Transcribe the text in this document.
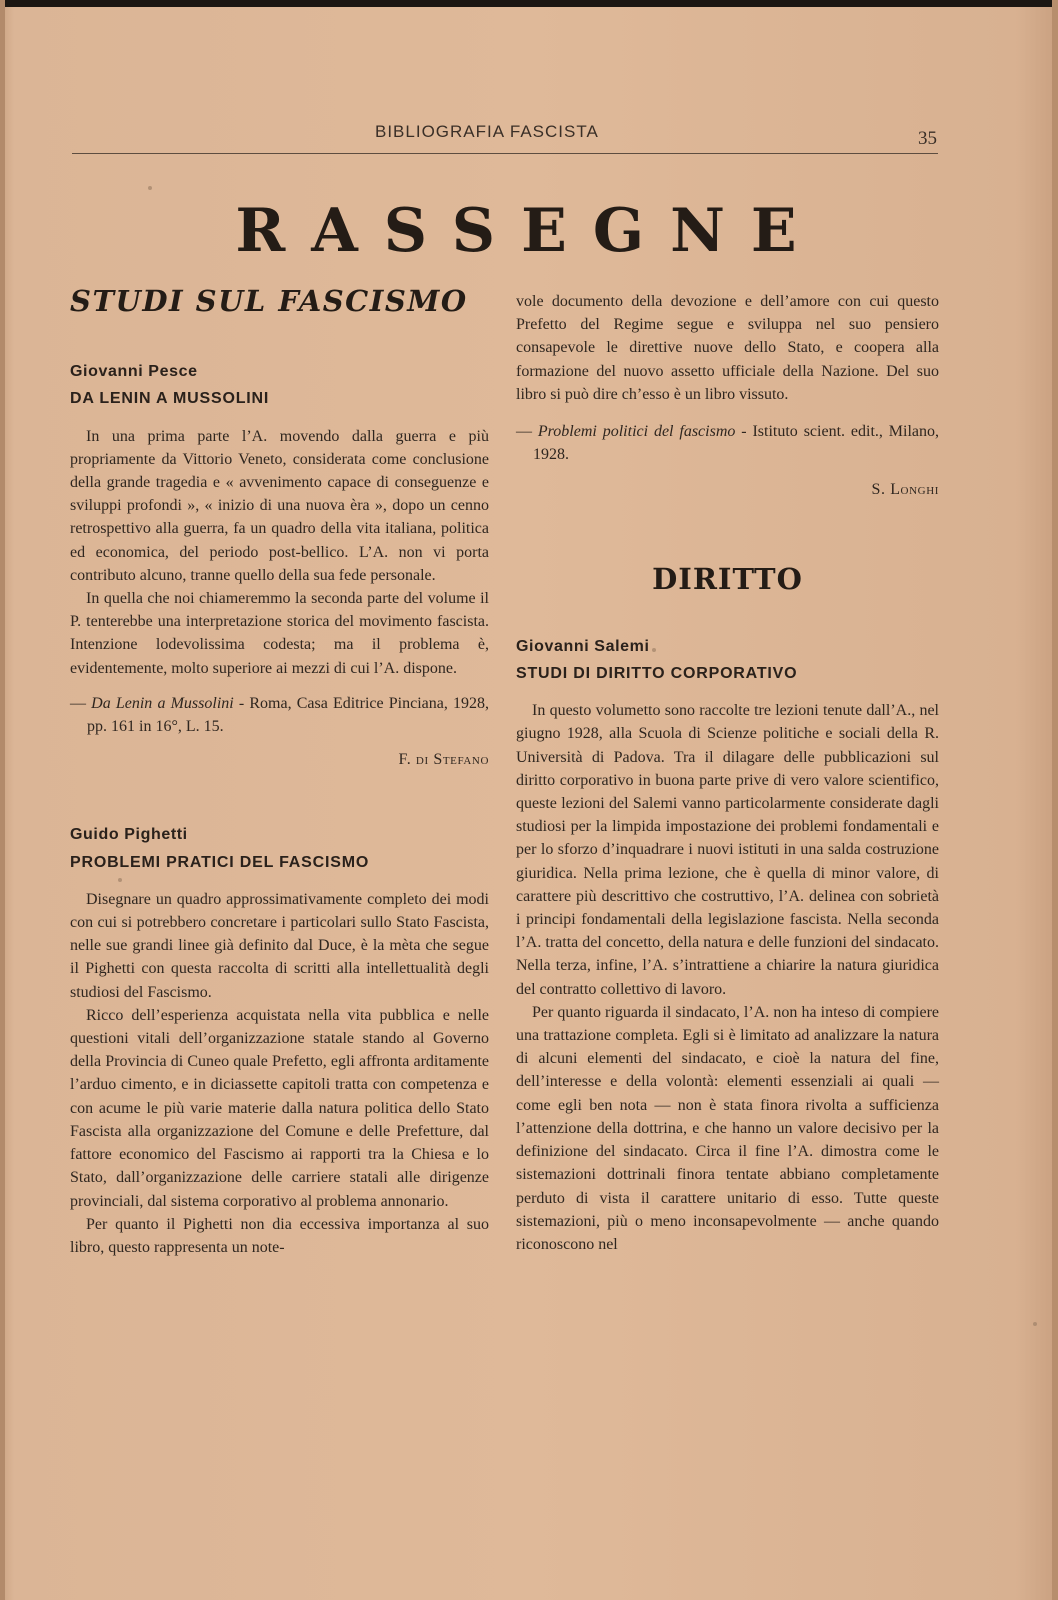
BIBLIOGRAFIA FASCISTA	35
RASSEGNE
STUDI SUL FASCISMO
Giovanni Pesce
DA LENIN A MUSSOLINI

In una prima parte l’A. movendo dalla guerra e più propriamente da Vittorio Veneto, considerata come conclusione della grande tragedia e « avvenimento capace di conseguenze e sviluppi profondi », « inizio di una nuova èra », dopo un cenno retrospettivo alla guerra, fa un quadro della vita italiana, politica ed economica, del periodo post-bellico. L’A. non vi porta contributo alcuno, tranne quello della sua fede personale.

In quella che noi chiameremmo la seconda parte del volume il P. tenterebbe una interpretazione storica del movimento fascista. Intenzione lodevolissima codesta; ma il problema è, evidentemente, molto superiore ai mezzi di cui l’A. dispone.

— Da Lenin a Mussolini - Roma, Casa Editrice Pinciana, 1928, pp. 161 in 16°, L. 15.
F. di Stefano
Guido Pighetti
PROBLEMI PRATICI DEL FASCISMO

Disegnare un quadro approssimativamente completo dei modi con cui si potrebbero concretare i particolari sullo Stato Fascista, nelle sue grandi linee già definito dal Duce, è la mèta che segue il Pighetti con questa raccolta di scritti alla intellettualità degli studiosi del Fascismo.

Ricco dell’esperienza acquistata nella vita pubblica e nelle questioni vitali dell’organizzazione statale stando al Governo della Provincia di Cuneo quale Prefetto, egli affronta arditamente l’arduo cimento, e in diciassette capitoli tratta con competenza e con acume le più varie materie dalla natura politica dello Stato Fascista alla organizzazione del Comune e delle Prefetture, dal fattore economico del Fascismo ai rapporti tra la Chiesa e lo Stato, dall’organizzazione delle carriere statali alle dirigenze provinciali, dal sistema corporativo al problema annonario.

Per quanto il Pighetti non dia eccessiva importanza al suo libro, questo rappresenta un note-

vole documento della devozione e dell’amore con cui questo Prefetto del Regime segue e sviluppa nel suo pensiero consapevole le direttive nuove dello Stato, e coopera alla formazione del nuovo assetto ufficiale della Nazione. Del suo libro si può dire ch’esso è un libro vissuto.

— Problemi politici del fascismo - Istituto scient. edit., Milano, 1928.
S. Longhi
DIRITTO
Giovanni Salemi
STUDI DI DIRITTO CORPORATIVO

In questo volumetto sono raccolte tre lezioni tenute dall’A., nel giugno 1928, alla Scuola di Scienze politiche e sociali della R. Università di Padova. Tra il dilagare delle pubblicazioni sul diritto corporativo in buona parte prive di vero valore scientifico, queste lezioni del Salemi vanno particolarmente considerate dagli studiosi per la limpida impostazione dei problemi fondamentali e per lo sforzo d’inquadrare i nuovi istituti in una salda costruzione giuridica. Nella prima lezione, che è quella di minor valore, di carattere più descrittivo che costruttivo, l’A. delinea con sobrietà i principi fondamentali della legislazione fascista. Nella seconda l’A. tratta del concetto, della natura e delle funzioni del sindacato. Nella terza, infine, l’A. s’intrattiene a chiarire la natura giuridica del contratto collettivo di lavoro.

Per quanto riguarda il sindacato, l’A. non ha inteso di compiere una trattazione completa. Egli si è limitato ad analizzare la natura di alcuni elementi del sindacato, e cioè la natura del fine, dell’interesse e della volontà: elementi essenziali ai quali — come egli ben nota — non è stata finora rivolta a sufficienza l’attenzione della dottrina, e che hanno un valore decisivo per la definizione del sindacato. Circa il fine l’A. dimostra come le sistemazioni dottrinali finora tentate abbiano completamente perduto di vista il carattere unitario di esso. Tutte queste sistemazioni, più o meno inconsapevolmente — anche quando riconoscono nel
